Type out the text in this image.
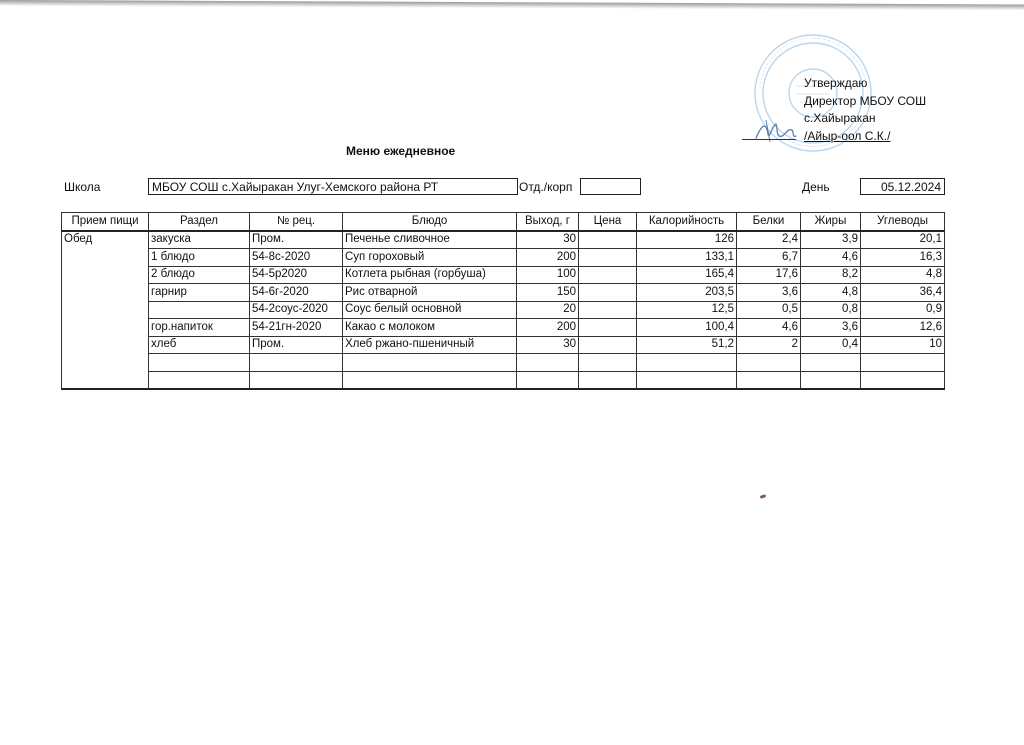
Утверждаю
Директор МБОУ СОШ
с.Хайыракан
/Айыр-оол С.К./
Меню ежедневное
Школа	МБОУ СОШ с.Хайыракан Улуг-Хемского района РТ	Отд./корп	День	05.12.2024
Прием пищи	Раздел	№ рец.	Блюдо	Выход, г	Цена	Калорийность	Белки	Жиры	Углеводы
Обед	закуска	Пром.	Печенье сливочное	30		126	2,4	3,9	20,1
	1 блюдо	54-8с-2020	Суп гороховый	200		133,1	6,7	4,6	16,3
	2 блюдо	54-5р2020	Котлета рыбная (горбуша)	100		165,4	17,6	8,2	4,8
	гарнир	54-6г-2020	Рис отварной	150		203,5	3,6	4,8	36,4
		54-2соус-2020	Соус белый основной	20		12,5	0,5	0,8	0,9
	гор.напиток	54-21гн-2020	Какао с молоком	200		100,4	4,6	3,6	12,6
	хлеб	Пром.	Хлеб ржано-пшеничный	30		51,2	2	0,4	10
